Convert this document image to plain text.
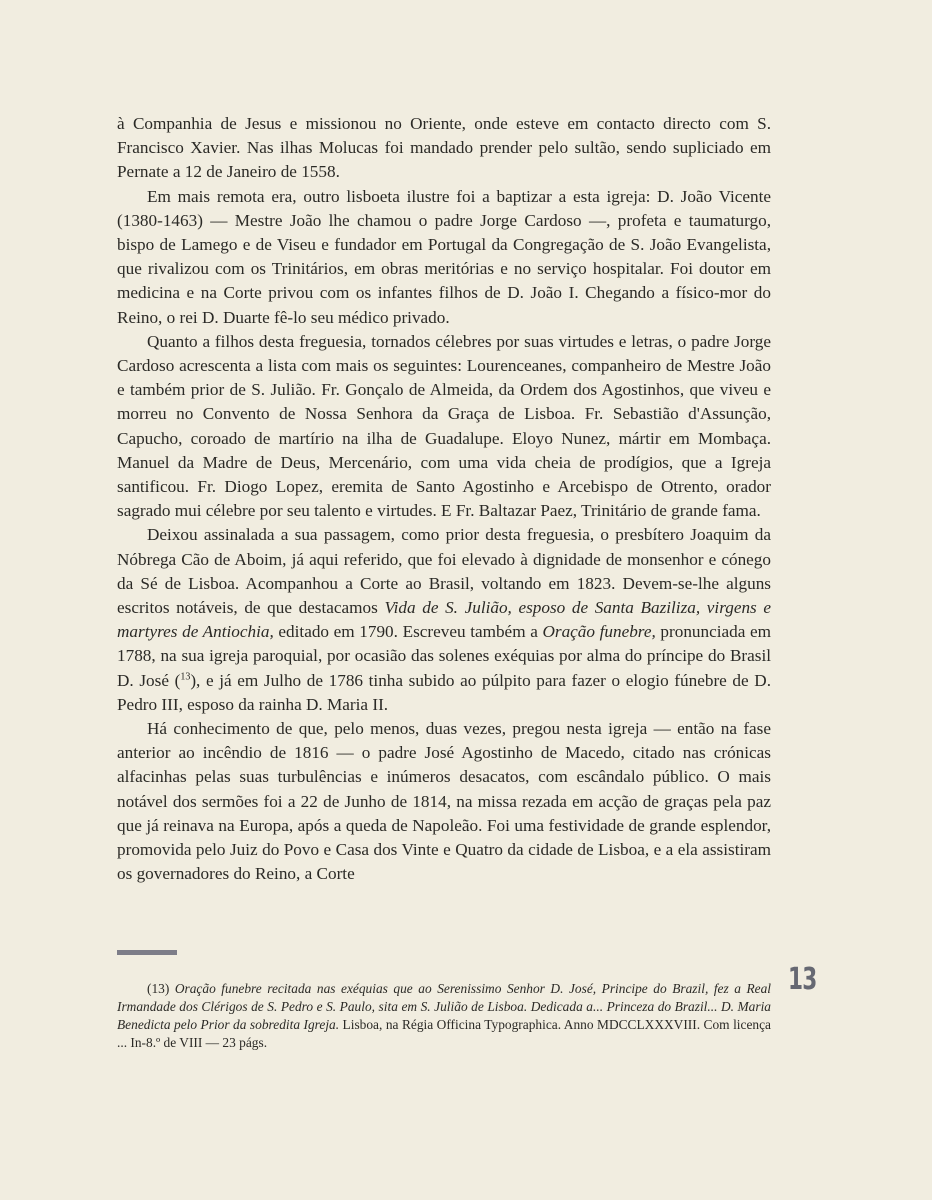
à Companhia de Jesus e missionou no Oriente, onde esteve em contacto directo com S. Francisco Xavier. Nas ilhas Molucas foi mandado prender pelo sultão, sendo supliciado em Pernate a 12 de Janeiro de 1558.

Em mais remota era, outro lisboeta ilustre foi a baptizar a esta igreja: D. João Vicente (1380-1463) — Mestre João lhe chamou o padre Jorge Cardoso —, profeta e taumaturgo, bispo de Lamego e de Viseu e fundador em Portugal da Congregação de S. João Evangelista, que rivalizou com os Trinitários, em obras meritórias e no serviço hospitalar. Foi doutor em medicina e na Corte privou com os infantes filhos de D. João I. Chegando a físico-mor do Reino, o rei D. Duarte fê-lo seu médico privado.

Quanto a filhos desta freguesia, tornados célebres por suas virtudes e letras, o padre Jorge Cardoso acrescenta a lista com mais os seguintes: Lourenceanes, companheiro de Mestre João e também prior de S. Julião. Fr. Gonçalo de Almeida, da Ordem dos Agostinhos, que viveu e morreu no Convento de Nossa Senhora da Graça de Lisboa. Fr. Sebastião d'Assunção, Capucho, coroado de martírio na ilha de Guadalupe. Eloyo Nunez, mártir em Mombaça. Manuel da Madre de Deus, Mercenário, com uma vida cheia de prodígios, que a Igreja santificou. Fr. Diogo Lopez, eremita de Santo Agostinho e Arcebispo de Otrento, orador sagrado mui célebre por seu talento e virtudes. E Fr. Baltazar Paez, Trinitário de grande fama.

Deixou assinalada a sua passagem, como prior desta freguesia, o presbítero Joaquim da Nóbrega Cão de Aboim, já aqui referido, que foi elevado à dignidade de monsenhor e cónego da Sé de Lisboa. Acompanhou a Corte ao Brasil, voltando em 1823. Devem-se-lhe alguns escritos notáveis, de que destacamos Vida de S. Julião, esposo de Santa Baziliza, virgens e martyres de Antiochia, editado em 1790. Escreveu também a Oração funebre, pronunciada em 1788, na sua igreja paroquial, por ocasião das solenes exéquias por alma do príncipe do Brasil D. José ($^{13}$), e já em Julho de 1786 tinha subido ao púlpito para fazer o elogio fúnebre de D. Pedro III, esposo da rainha D. Maria II.

Há conhecimento de que, pelo menos, duas vezes, pregou nesta igreja — então na fase anterior ao incêndio de 1816 — o padre José Agostinho de Macedo, citado nas crónicas alfacinhas pelas suas turbulências e inúmeros desacatos, com escândalo público. O mais notável dos sermões foi a 22 de Junho de 1814, na missa rezada em acção de graças pela paz que já reinava na Europa, após a queda de Napoleão. Foi uma festividade de grande esplendor, promovida pelo Juiz do Povo e Casa dos Vinte e Quatro da cidade de Lisboa, e a ela assistiram os governadores do Reino, a Corte

(13) Oração funebre recitada nas exéquias que ao Serenissimo Senhor D. José, Principe do Brazil, fez a Real Irmandade dos Clérigos de S. Pedro e S. Paulo, sita em S. Julião de Lisboa. Dedicada a... Princeza do Brazil... D. Maria Benedicta pelo Prior da sobredita Igreja. Lisboa, na Régia Officina Typographica. Anno MDCCLXXXVIII. Com licença ... In-8.º de VIII — 23 págs.

13
